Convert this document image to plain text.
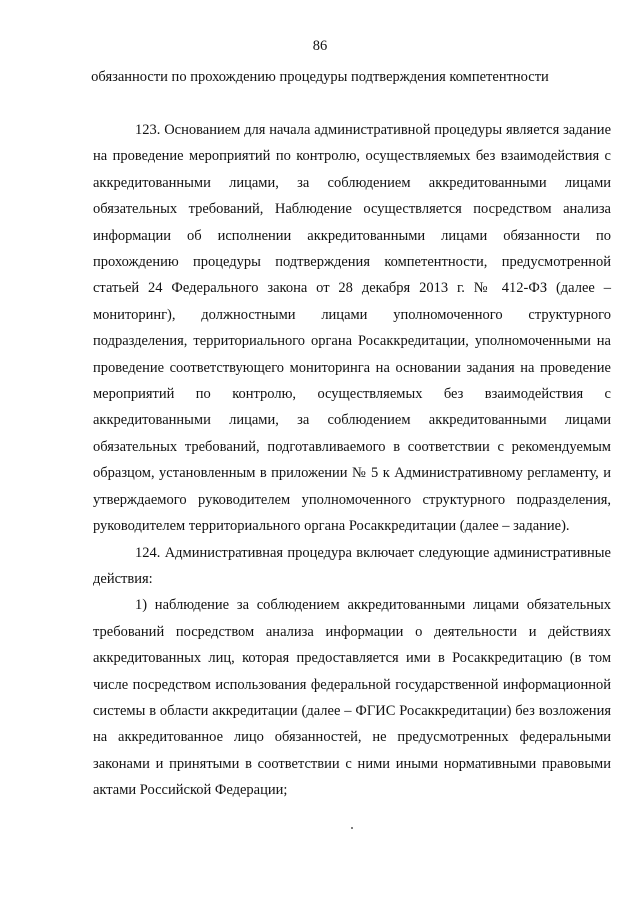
86
обязанности по прохождению процедуры подтверждения компетентности

123. Основанием для начала административной процедуры является задание на проведение мероприятий по контролю, осуществляемых без взаимодействия с аккредитованными лицами, за соблюдением аккредитованными лицами обязательных требований, Наблюдение осуществляется посредством анализа информации об исполнении аккредитованными лицами обязанности по прохождению процедуры подтверждения компетентности, предусмотренной статьей 24 Федерального закона от 28 декабря 2013 г. № 412-ФЗ (далее – мониторинг), должностными лицами уполномоченного структурного подразделения, территориального органа Росаккредитации, уполномоченными на проведение соответствующего мониторинга на основании задания на проведение мероприятий по контролю, осуществляемых без взаимодействия с аккредитованными лицами, за соблюдением аккредитованными лицами обязательных требований, подготавливаемого в соответствии с рекомендуемым образцом, установленным в приложении № 5 к Административному регламенту, и утверждаемого руководителем уполномоченного структурного подразделения, руководителем территориального органа Росаккредитации (далее – задание).

124. Административная процедура включает следующие административные действия:

1) наблюдение за соблюдением аккредитованными лицами обязательных требований посредством анализа информации о деятельности и действиях аккредитованных лиц, которая предоставляется ими в Росаккредитацию (в том числе посредством использования федеральной государственной информационной системы в области аккредитации (далее – ФГИС Росаккредитации) без возложения на аккредитованное лицо обязанностей, не предусмотренных федеральными законами и принятыми в соответствии с ними иными нормативными правовыми актами Российской Федерации;
